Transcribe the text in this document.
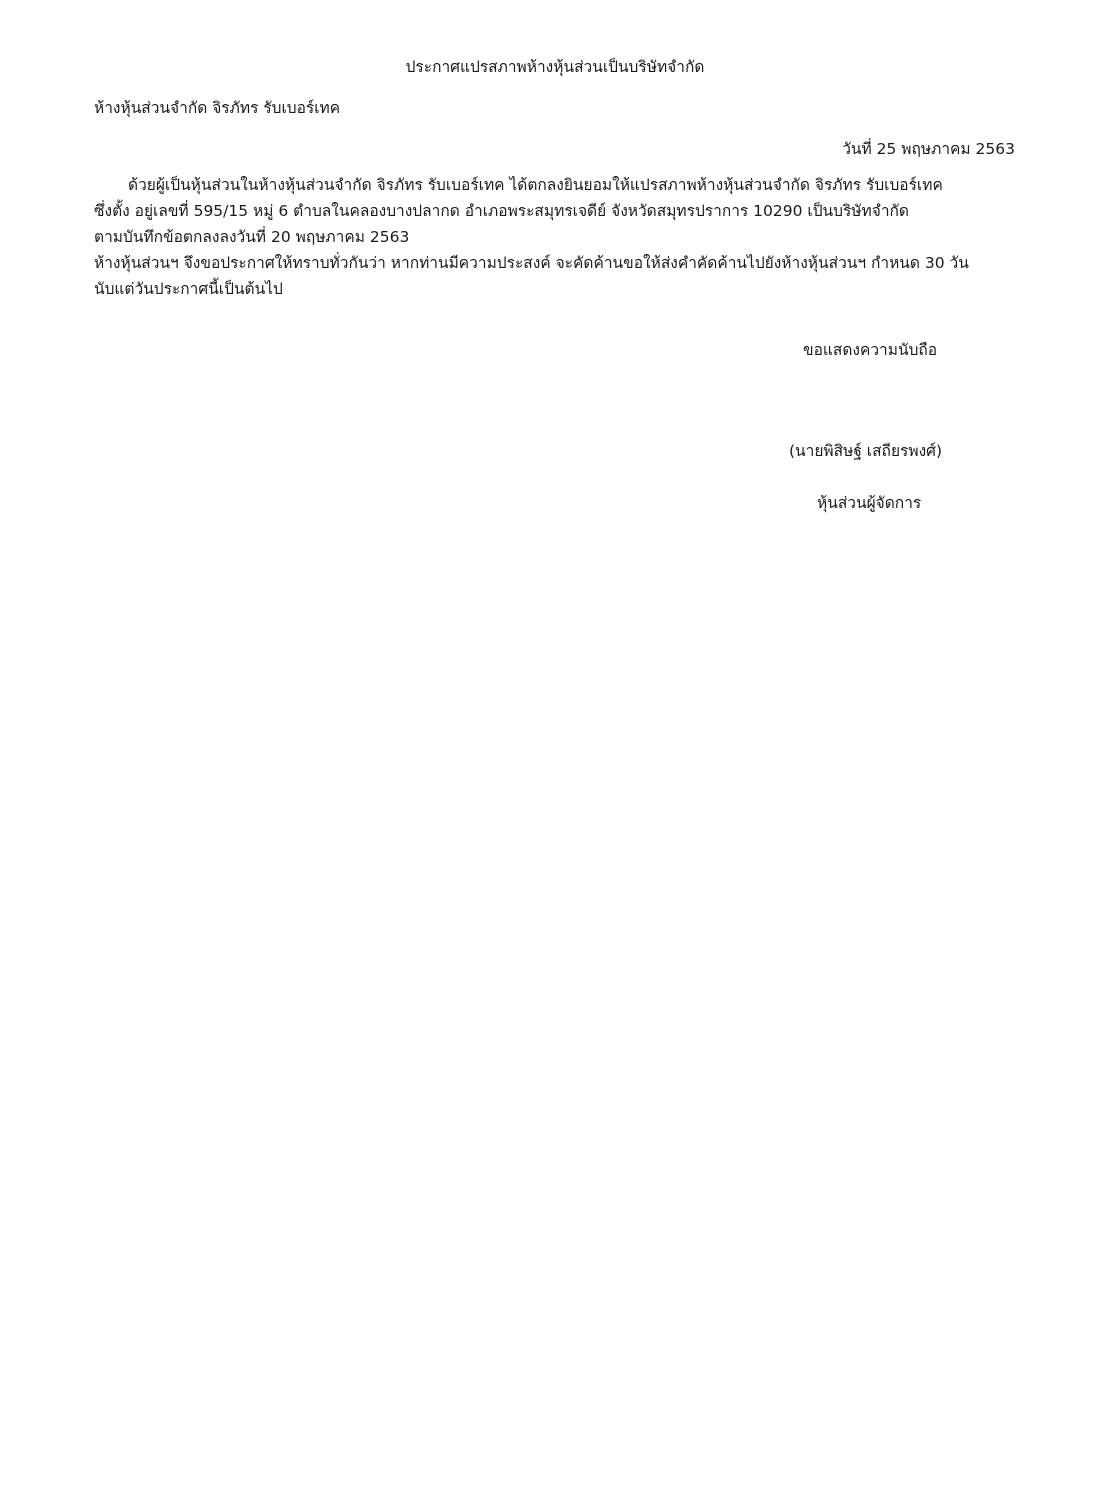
ประกาศแปรสภาพห้างหุ้นส่วนเป็นบริษัทจำกัด

ห้างหุ้นส่วนจำกัด จิรภัทร รับเบอร์เทค

วันที่ 25 พฤษภาคม 2563

ด้วยผู้เป็นหุ้นส่วนในห้างหุ้นส่วนจำกัด จิรภัทร รับเบอร์เทค ได้ตกลงยินยอมให้แปรสภาพห้างหุ้นส่วนจำกัด จิรภัทร รับเบอร์เทค

ซึ่งตั้ง อยู่เลขที่ 595/15 หมู่ 6 ตำบลในคลองบางปลากด อำเภอพระสมุทรเจดีย์ จังหวัดสมุทรปราการ 10290 เป็นบริษัทจำกัด

ตามบันทึกข้อตกลงลงวันที่ 20 พฤษภาคม 2563

ห้างหุ้นส่วนฯ จึงขอประกาศให้ทราบทั่วกันว่า หากท่านมีความประสงค์ จะคัดค้านขอให้ส่งคำคัดค้านไปยังห้างหุ้นส่วนฯ กำหนด 30 วัน

นับแต่วันประกาศนี้เป็นต้นไป

ขอแสดงความนับถือ

(นายพิสิษฐ์ เสถียรพงศ์)

หุ้นส่วนผู้จัดการ
